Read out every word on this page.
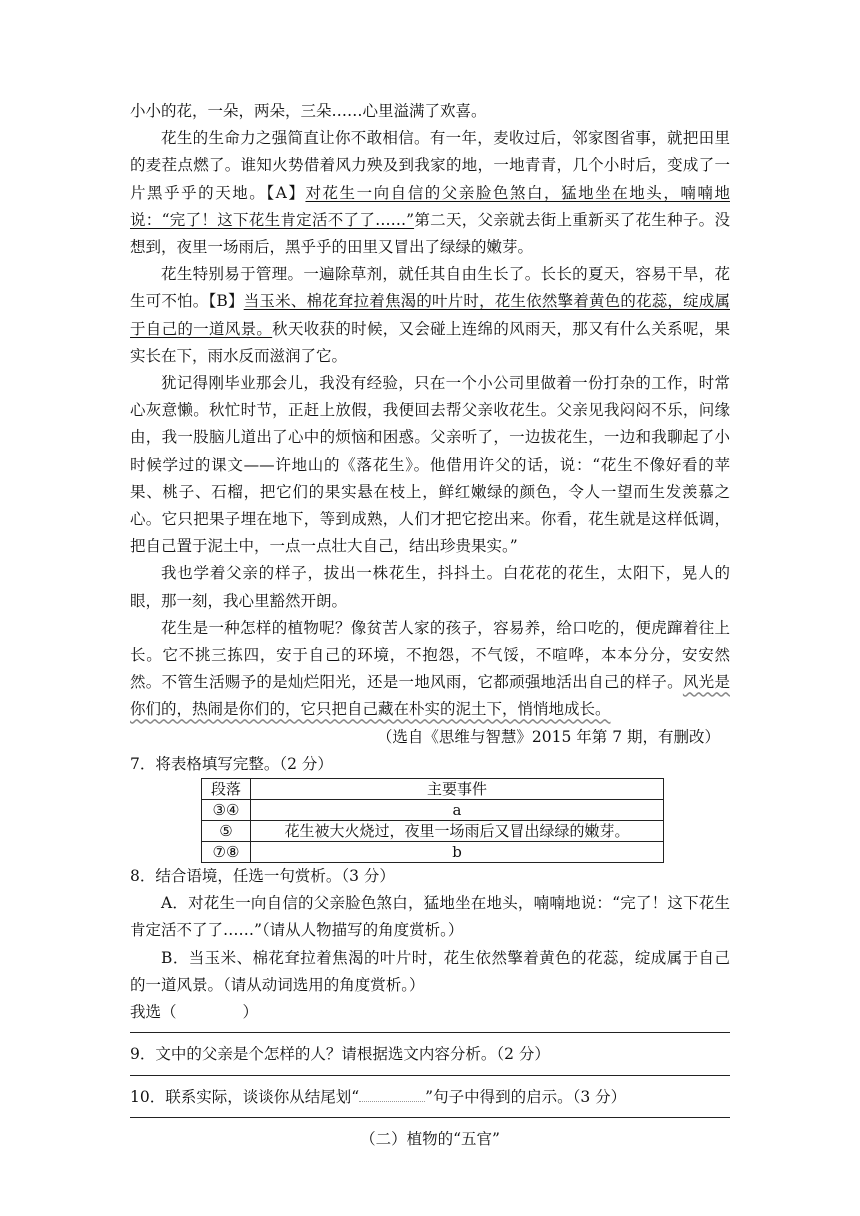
小小的花，一朵，两朵，三朵……心里溢满了欢喜。

花生的生命力之强简直让你不敢相信。有一年，麦收过后，邻家图省事，就把田里的麦茬点燃了。谁知火势借着风力殃及到我家的地，一地青青，几个小时后，变成了一片黑乎乎的天地。【A】对花生一向自信的父亲脸色煞白，猛地坐在地头，喃喃地说：“完了！这下花生肯定活不了了……”第二天，父亲就去街上重新买了花生种子。没想到，夜里一场雨后，黑乎乎的田里又冒出了绿绿的嫩芽。

花生特别易于管理。一遍除草剂，就任其自由生长了。长长的夏天，容易干旱，花生可不怕。【B】当玉米、棉花耷拉着焦渴的叶片时，花生依然擎着黄色的花蕊，绽成属于自己的一道风景。秋天收获的时候，又会碰上连绵的风雨天，那又有什么关系呢，果实长在下，雨水反而滋润了它。

犹记得刚毕业那会儿，我没有经验，只在一个小公司里做着一份打杂的工作，时常心灰意懒。秋忙时节，正赶上放假，我便回去帮父亲收花生。父亲见我闷闷不乐，问缘由，我一股脑儿道出了心中的烦恼和困惑。父亲听了，一边拔花生，一边和我聊起了小时候学过的课文——许地山的《落花生》。他借用许父的话，说：“花生不像好看的苹果、桃子、石榴，把它们的果实悬在枝上，鲜红嫩绿的颜色，令人一望而生发羡慕之心。它只把果子埋在地下，等到成熟，人们才把它挖出来。你看，花生就是这样低调，把自己置于泥土中，一点一点壮大自己，结出珍贵果实。”

我也学着父亲的样子，拔出一株花生，抖抖土。白花花的花生，太阳下，晃人的眼，那一刻，我心里豁然开朗。

花生是一种怎样的植物呢？像贫苦人家的孩子，容易养，给口吃的，便虎蹿着往上长。它不挑三拣四，安于自己的环境，不抱怨，不气馁，不喧哗，本本分分，安安然然。不管生活赐予的是灿烂阳光，还是一地风雨，它都顽强地活出自己的样子。风光是你们的，热闹是你们的，它只把自己藏在朴实的泥土下，悄悄地成长。

（选自《思维与智慧》2015 年第 7 期，有删改）

7．将表格填写完整。（2 分）

段落	主要事件
③④	a
⑤	花生被大火烧过，夜里一场雨后又冒出绿绿的嫩芽。
⑦⑧	b

8．结合语境，任选一句赏析。（3 分）

A．对花生一向自信的父亲脸色煞白，猛地坐在地头，喃喃地说：“完了！这下花生肯定活不了了……”（请从人物描写的角度赏析。）

B．当玉米、棉花耷拉着焦渴的叶片时，花生依然擎着黄色的花蕊，绽成属于自己的一道风景。（请从动词选用的角度赏析。）

我选（	）

9．文中的父亲是个怎样的人？请根据选文内容分析。（2 分）

10．联系实际，谈谈你从结尾划“	”句子中得到的启示。（3 分）

（二）植物的“五官”
